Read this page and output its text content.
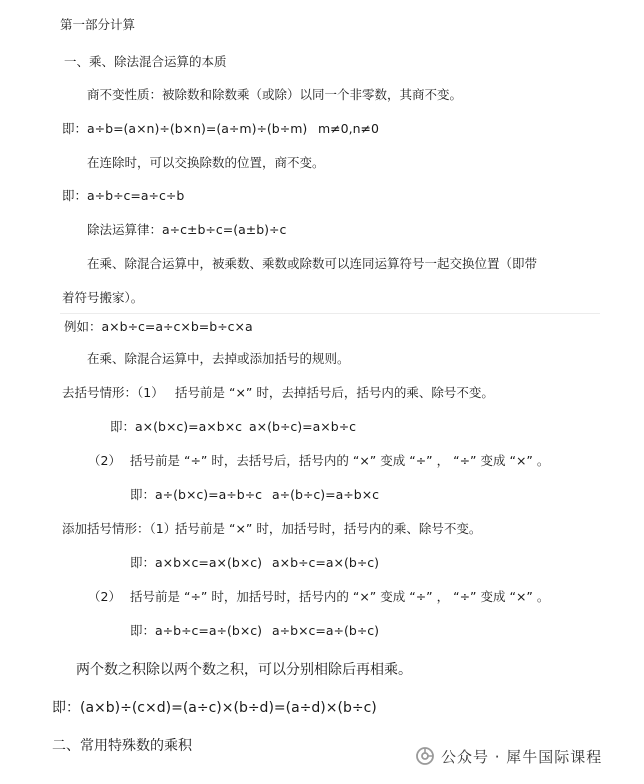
第一部分计算
一、乘、除法混合运算的本质
商不变性质：被除数和除数乘（或除）以同一个非零数，其商不变。
即：a÷b=(a×n)÷(b×n)=(a÷m)÷(b÷m) m≠0,n≠0
在连除时，可以交换除数的位置，商不变。
即：a÷b÷c=a÷c÷b
除法运算律：a÷c±b÷c=(a±b)÷c
在乘、除混合运算中，被乘数、乘数或除数可以连同运算符号一起交换位置（即带
着符号搬家）。
例如：a×b÷c=a÷c×b=b÷c×a
在乘、除混合运算中，去掉或添加括号的规则。
去括号情形：（1） 括号前是 “×” 时，去掉括号后，括号内的乘、除号不变。
即：a×(b×c)=a×b×c a×(b÷c)=a×b÷c
（2） 括号前是 “÷” 时，去括号后，括号内的 “×” 变成 “÷” ， “÷” 变成 “×” 。
即：a÷(b×c)=a÷b÷c a÷(b÷c)=a÷b×c
添加括号情形：（1）
括号前是 “×” 时，加括号时，括号内的乘、除号不变。
即：a×b×c=a×(b×c) a×b÷c=a×(b÷c)
（2） 括号前是 “÷” 时，加括号时，括号内的 “×” 变成 “÷” ， “÷” 变成 “×” 。
即：a÷b÷c=a÷(b×c) a÷b×c=a÷(b÷c)
两个数之积除以两个数之积，可以分别相除后再相乘。
即：(a×b)÷(c×d)=(a÷c)×(b÷d)=(a÷d)×(b÷c)
二、常用特殊数的乘积
公众号 · 犀牛国际课程
